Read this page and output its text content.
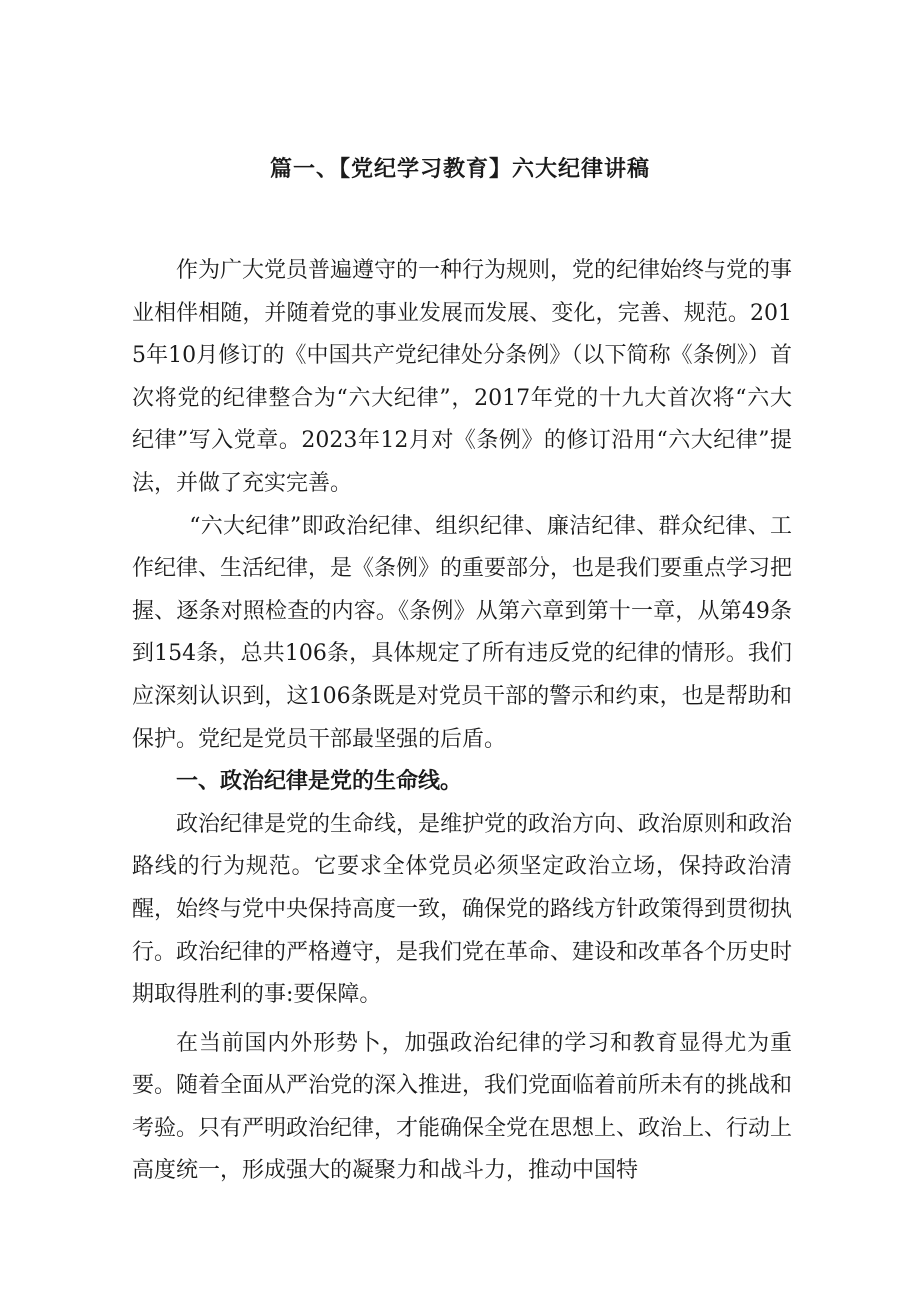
篇一、【党纪学习教育】六大纪律讲稿

作为广大党员普遍遵守的一种行为规则，党的纪律始终与党的事业相伴相随，并随着党的事业发展而发展、变化，完善、规范。2015年10月修订的《中国共产党纪律处分条例》（以下简称《条例》）首次将党的纪律整合为“六大纪律”，2017年党的十九大首次将“六大纪律”写入党章。2023年12月对《条例》的修订沿用“六大纪律”提法，并做了充实完善。

“六大纪律”即政治纪律、组织纪律、廉洁纪律、群众纪律、工作纪律、生活纪律，是《条例》的重要部分，也是我们要重点学习把握、逐条对照检查的内容。《条例》从第六章到第十一章，从第49条到154条，总共106条，具体规定了所有违反党的纪律的情形。我们应深刻认识到，这106条既是对党员干部的警示和约束，也是帮助和保护。党纪是党员干部最坚强的后盾。

一、政治纪律是党的生命线。

政治纪律是党的生命线，是维护党的政治方向、政治原则和政治路线的行为规范。它要求全体党员必须坚定政治立场，保持政治清醒，始终与党中央保持高度一致，确保党的路线方针政策得到贯彻执行。政治纪律的严格遵守，是我们党在革命、建设和改革各个历史时期取得胜利的事:要保障。

在当前国内外形势卜，加强政治纪律的学习和教育显得尤为重要。随着全面从严治党的深入推进，我们党面临着前所未有的挑战和考验。只有严明政治纪律，才能确保全党在思想上、政治上、行动上高度统一，形成强大的凝聚力和战斗力，推动中国特
